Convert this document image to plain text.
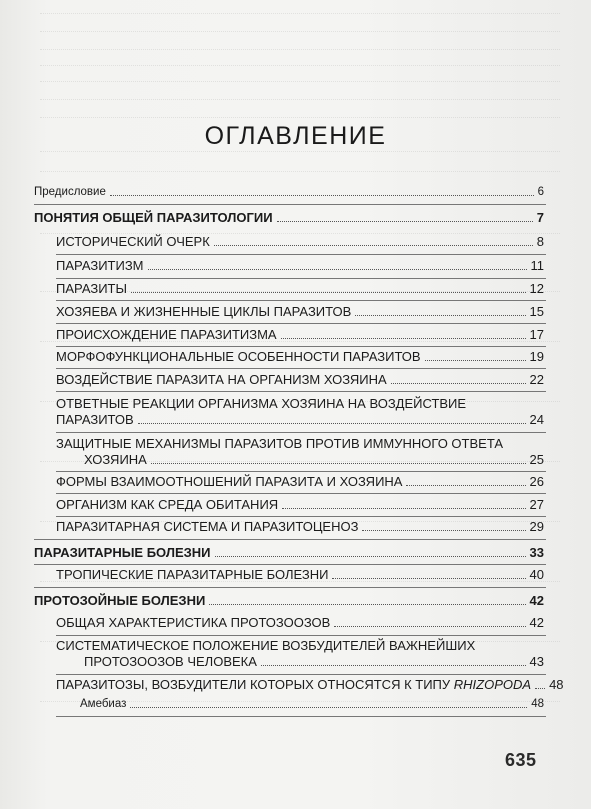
ОГЛАВЛЕНИЕ
Предисловие	6
ПОНЯТИЯ ОБЩЕЙ ПАРАЗИТОЛОГИИ	7
ИСТОРИЧЕСКИЙ ОЧЕРК	8
ПАРАЗИТИЗМ	11
ПАРАЗИТЫ	12
ХОЗЯЕВА И ЖИЗНЕННЫЕ ЦИКЛЫ ПАРАЗИТОВ	15
ПРОИСХОЖДЕНИЕ ПАРАЗИТИЗМА	17
МОРФОФУНКЦИОНАЛЬНЫЕ ОСОБЕННОСТИ ПАРАЗИТОВ	19
ВОЗДЕЙСТВИЕ ПАРАЗИТА НА ОРГАНИЗМ ХОЗЯИНА	22
ОТВЕТНЫЕ РЕАКЦИИ ОРГАНИЗМА ХОЗЯИНА НА ВОЗДЕЙСТВИЕ
ПАРАЗИТОВ	24
ЗАЩИТНЫЕ МЕХАНИЗМЫ ПАРАЗИТОВ ПРОТИВ ИММУННОГО ОТВЕТА
ХОЗЯИНА	25
ФОРМЫ ВЗАИМООТНОШЕНИЙ ПАРАЗИТА И ХОЗЯИНА	26
ОРГАНИЗМ КАК СРЕДА ОБИТАНИЯ	27
ПАРАЗИТАРНАЯ СИСТЕМА И ПАРАЗИТОЦЕНОЗ	29
ПАРАЗИТАРНЫЕ БОЛЕЗНИ	33
ТРОПИЧЕСКИЕ ПАРАЗИТАРНЫЕ БОЛЕЗНИ	40
ПРОТОЗОЙНЫЕ БОЛЕЗНИ	42
ОБЩАЯ ХАРАКТЕРИСТИКА ПРОТОЗООЗОВ	42
СИСТЕМАТИЧЕСКОЕ ПОЛОЖЕНИЕ ВОЗБУДИТЕЛЕЙ ВАЖНЕЙШИХ
ПРОТОЗООЗОВ ЧЕЛОВЕКА	43
ПАРАЗИТОЗЫ, ВОЗБУДИТЕЛИ КОТОРЫХ ОТНОСЯТСЯ К ТИПУ RHIZOPODA 48
Амебиаз	48
635
